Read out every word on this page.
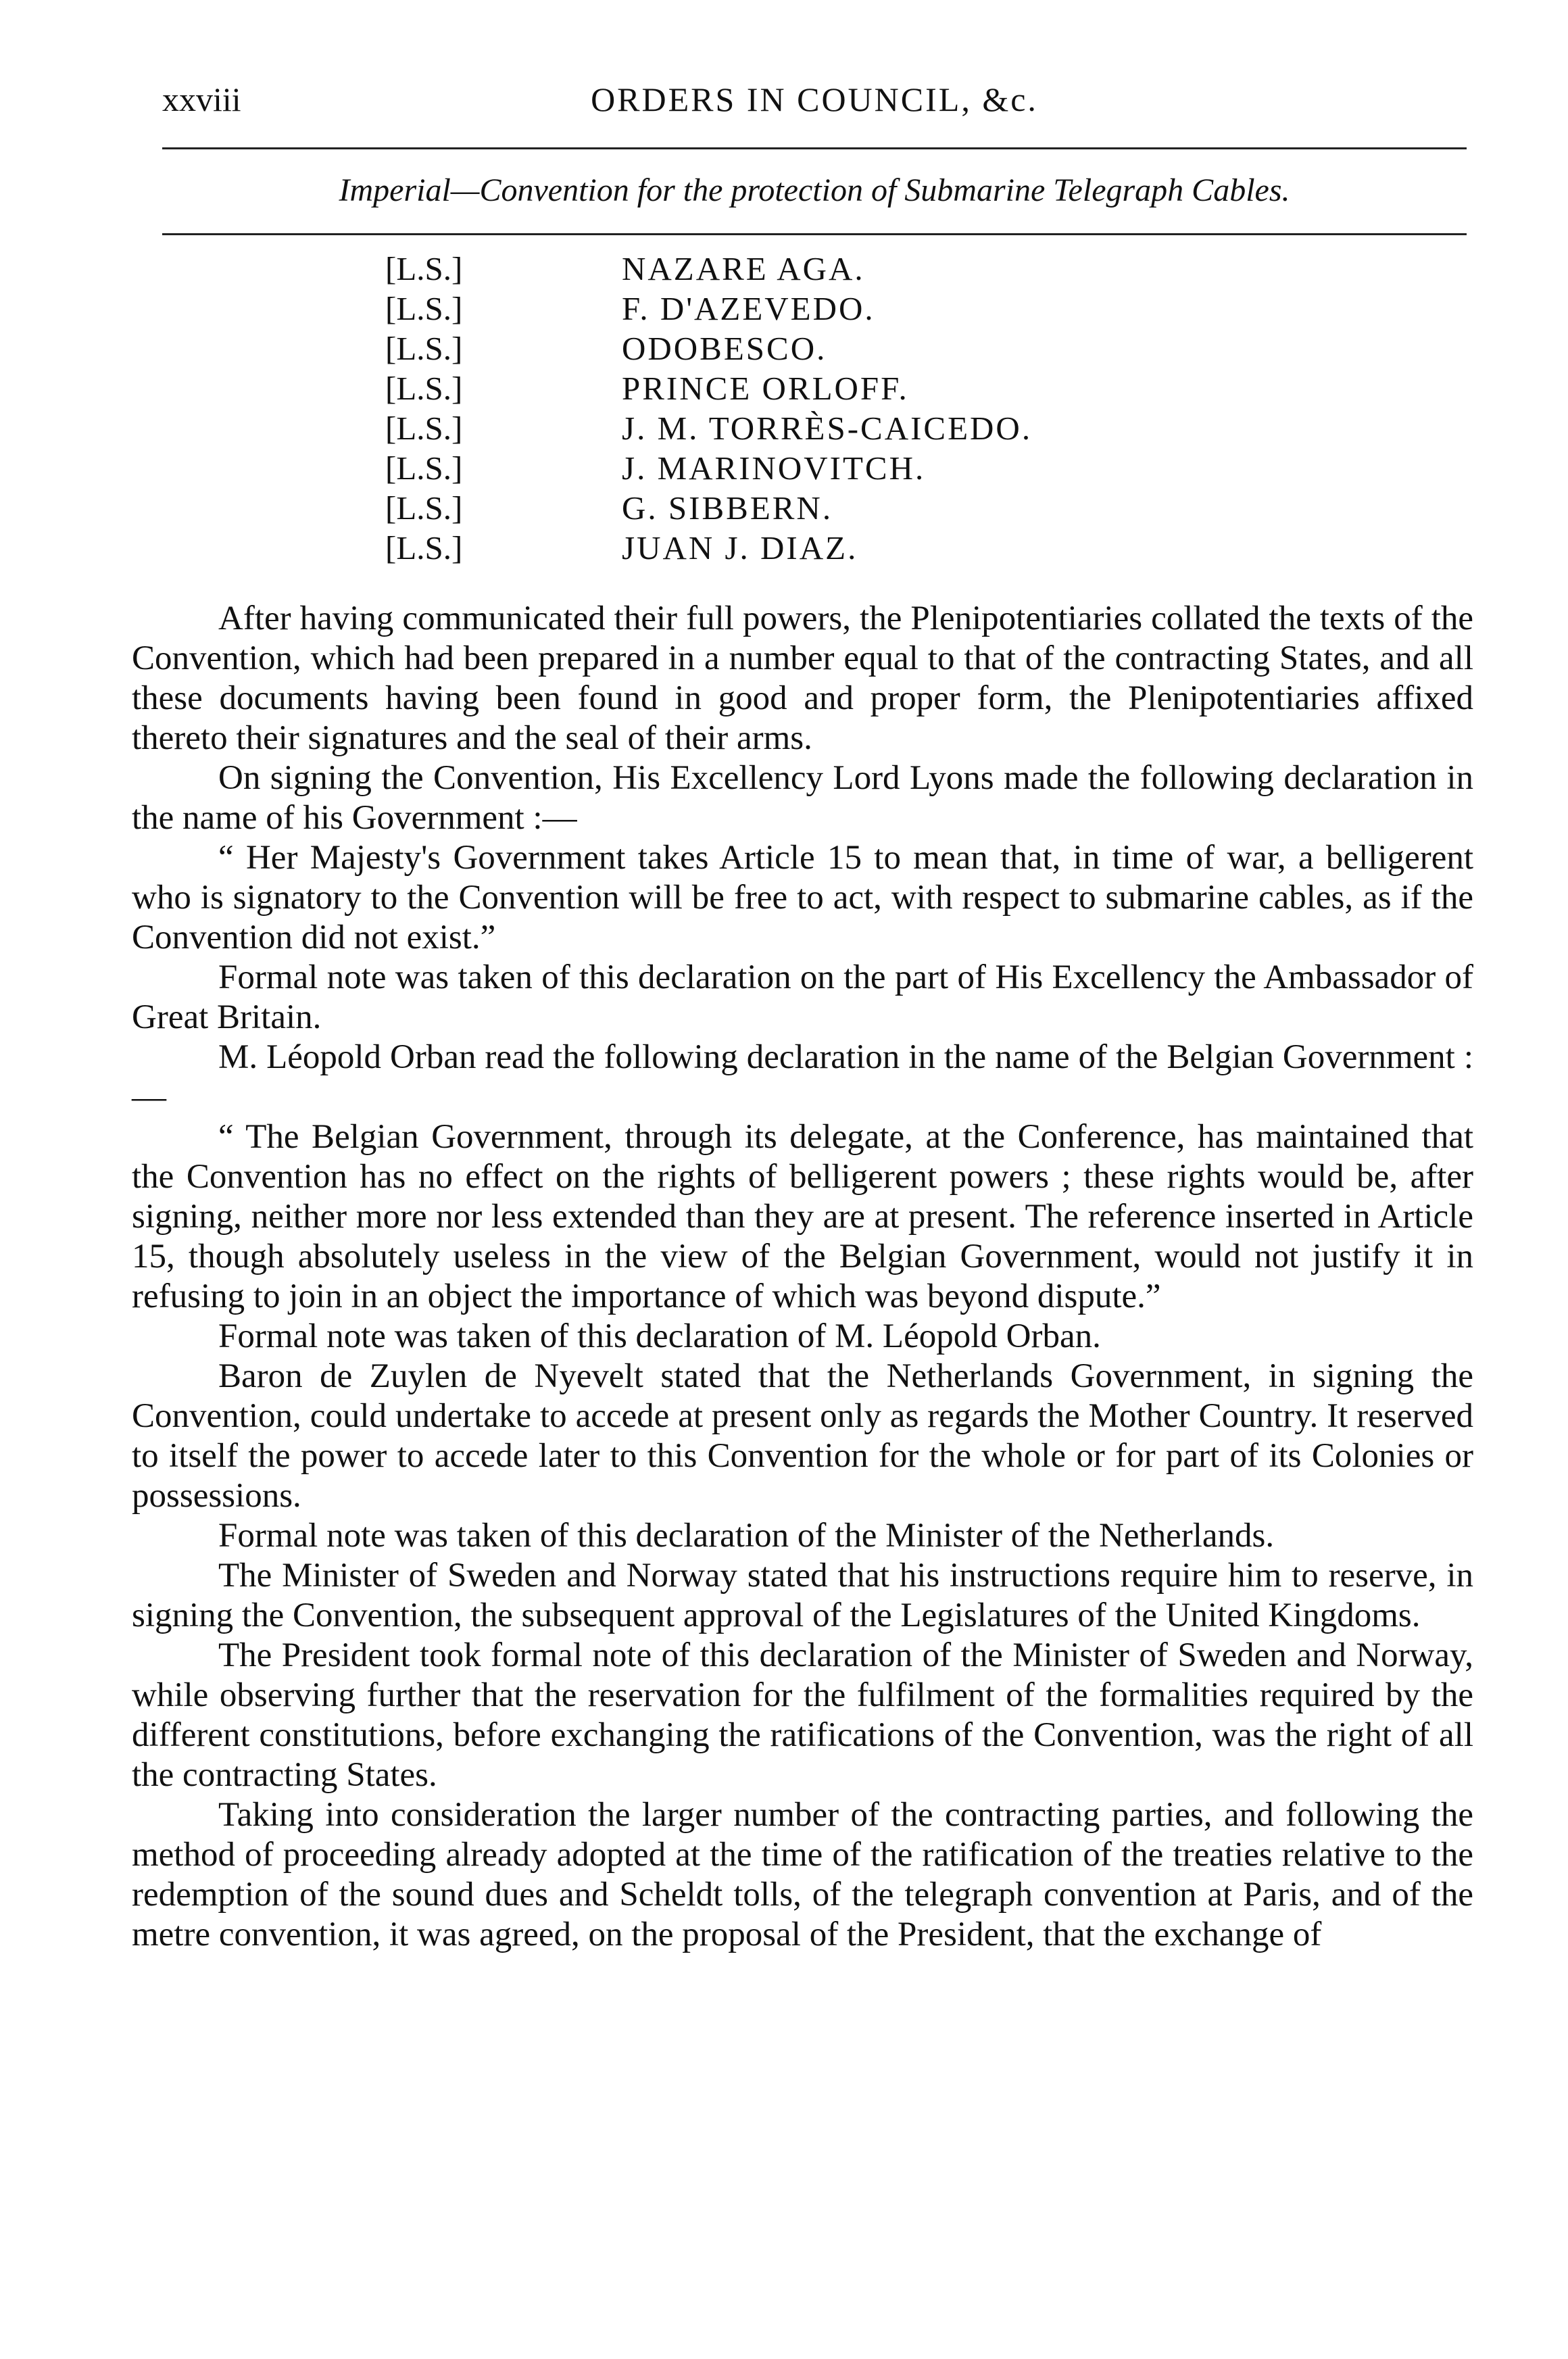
xxviii	ORDERS IN COUNCIL, &c.
Imperial—Convention for the protection of Submarine Telegraph Cables.
[L.S.]	NAZARE AGA.
[L.S.]	F. D'AZEVEDO.
[L.S.]	ODOBESCO.
[L.S.]	PRINCE ORLOFF.
[L.S.]	J. M. TORRÈS-CAICEDO.
[L.S.]	J. MARINOVITCH.
[L.S.]	G. SIBBERN.
[L.S.]	JUAN J. DIAZ.

After having communicated their full powers, the Plenipotentiaries collated the texts of the Convention, which had been prepared in a number equal to that of the contracting States, and all these documents having been found in good and proper form, the Plenipotentiaries affixed thereto their signatures and the seal of their arms.

On signing the Convention, His Excellency Lord Lyons made the following declaration in the name of his Government :—

“ Her Majesty's Government takes Article 15 to mean that, in time of war, a belligerent who is signatory to the Convention will be free to act, with respect to submarine cables, as if the Convention did not exist.”

Formal note was taken of this declaration on the part of His Excellency the Ambassador of Great Britain.

M. Léopold Orban read the following declaration in the name of the Belgian Government :—

“ The Belgian Government, through its delegate, at the Conference, has maintained that the Convention has no effect on the rights of belligerent powers ; these rights would be, after signing, neither more nor less extended than they are at present. The reference inserted in Article 15, though absolutely useless in the view of the Belgian Government, would not justify it in refusing to join in an object the importance of which was beyond dispute.”

Formal note was taken of this declaration of M. Léopold Orban.

Baron de Zuylen de Nyevelt stated that the Netherlands Government, in signing the Convention, could undertake to accede at present only as regards the Mother Country. It reserved to itself the power to accede later to this Convention for the whole or for part of its Colonies or possessions.

Formal note was taken of this declaration of the Minister of the Netherlands.

The Minister of Sweden and Norway stated that his instructions require him to reserve, in signing the Convention, the subsequent approval of the Legislatures of the United Kingdoms.

The President took formal note of this declaration of the Minister of Sweden and Norway, while observing further that the reservation for the fulfilment of the formalities required by the different constitutions, before exchanging the ratifications of the Convention, was the right of all the contracting States.

Taking into consideration the larger number of the contracting parties, and following the method of proceeding already adopted at the time of the ratification of the treaties relative to the redemption of the sound dues and Scheldt tolls, of the telegraph convention at Paris, and of the metre convention, it was agreed, on the proposal of the President, that the exchange of
